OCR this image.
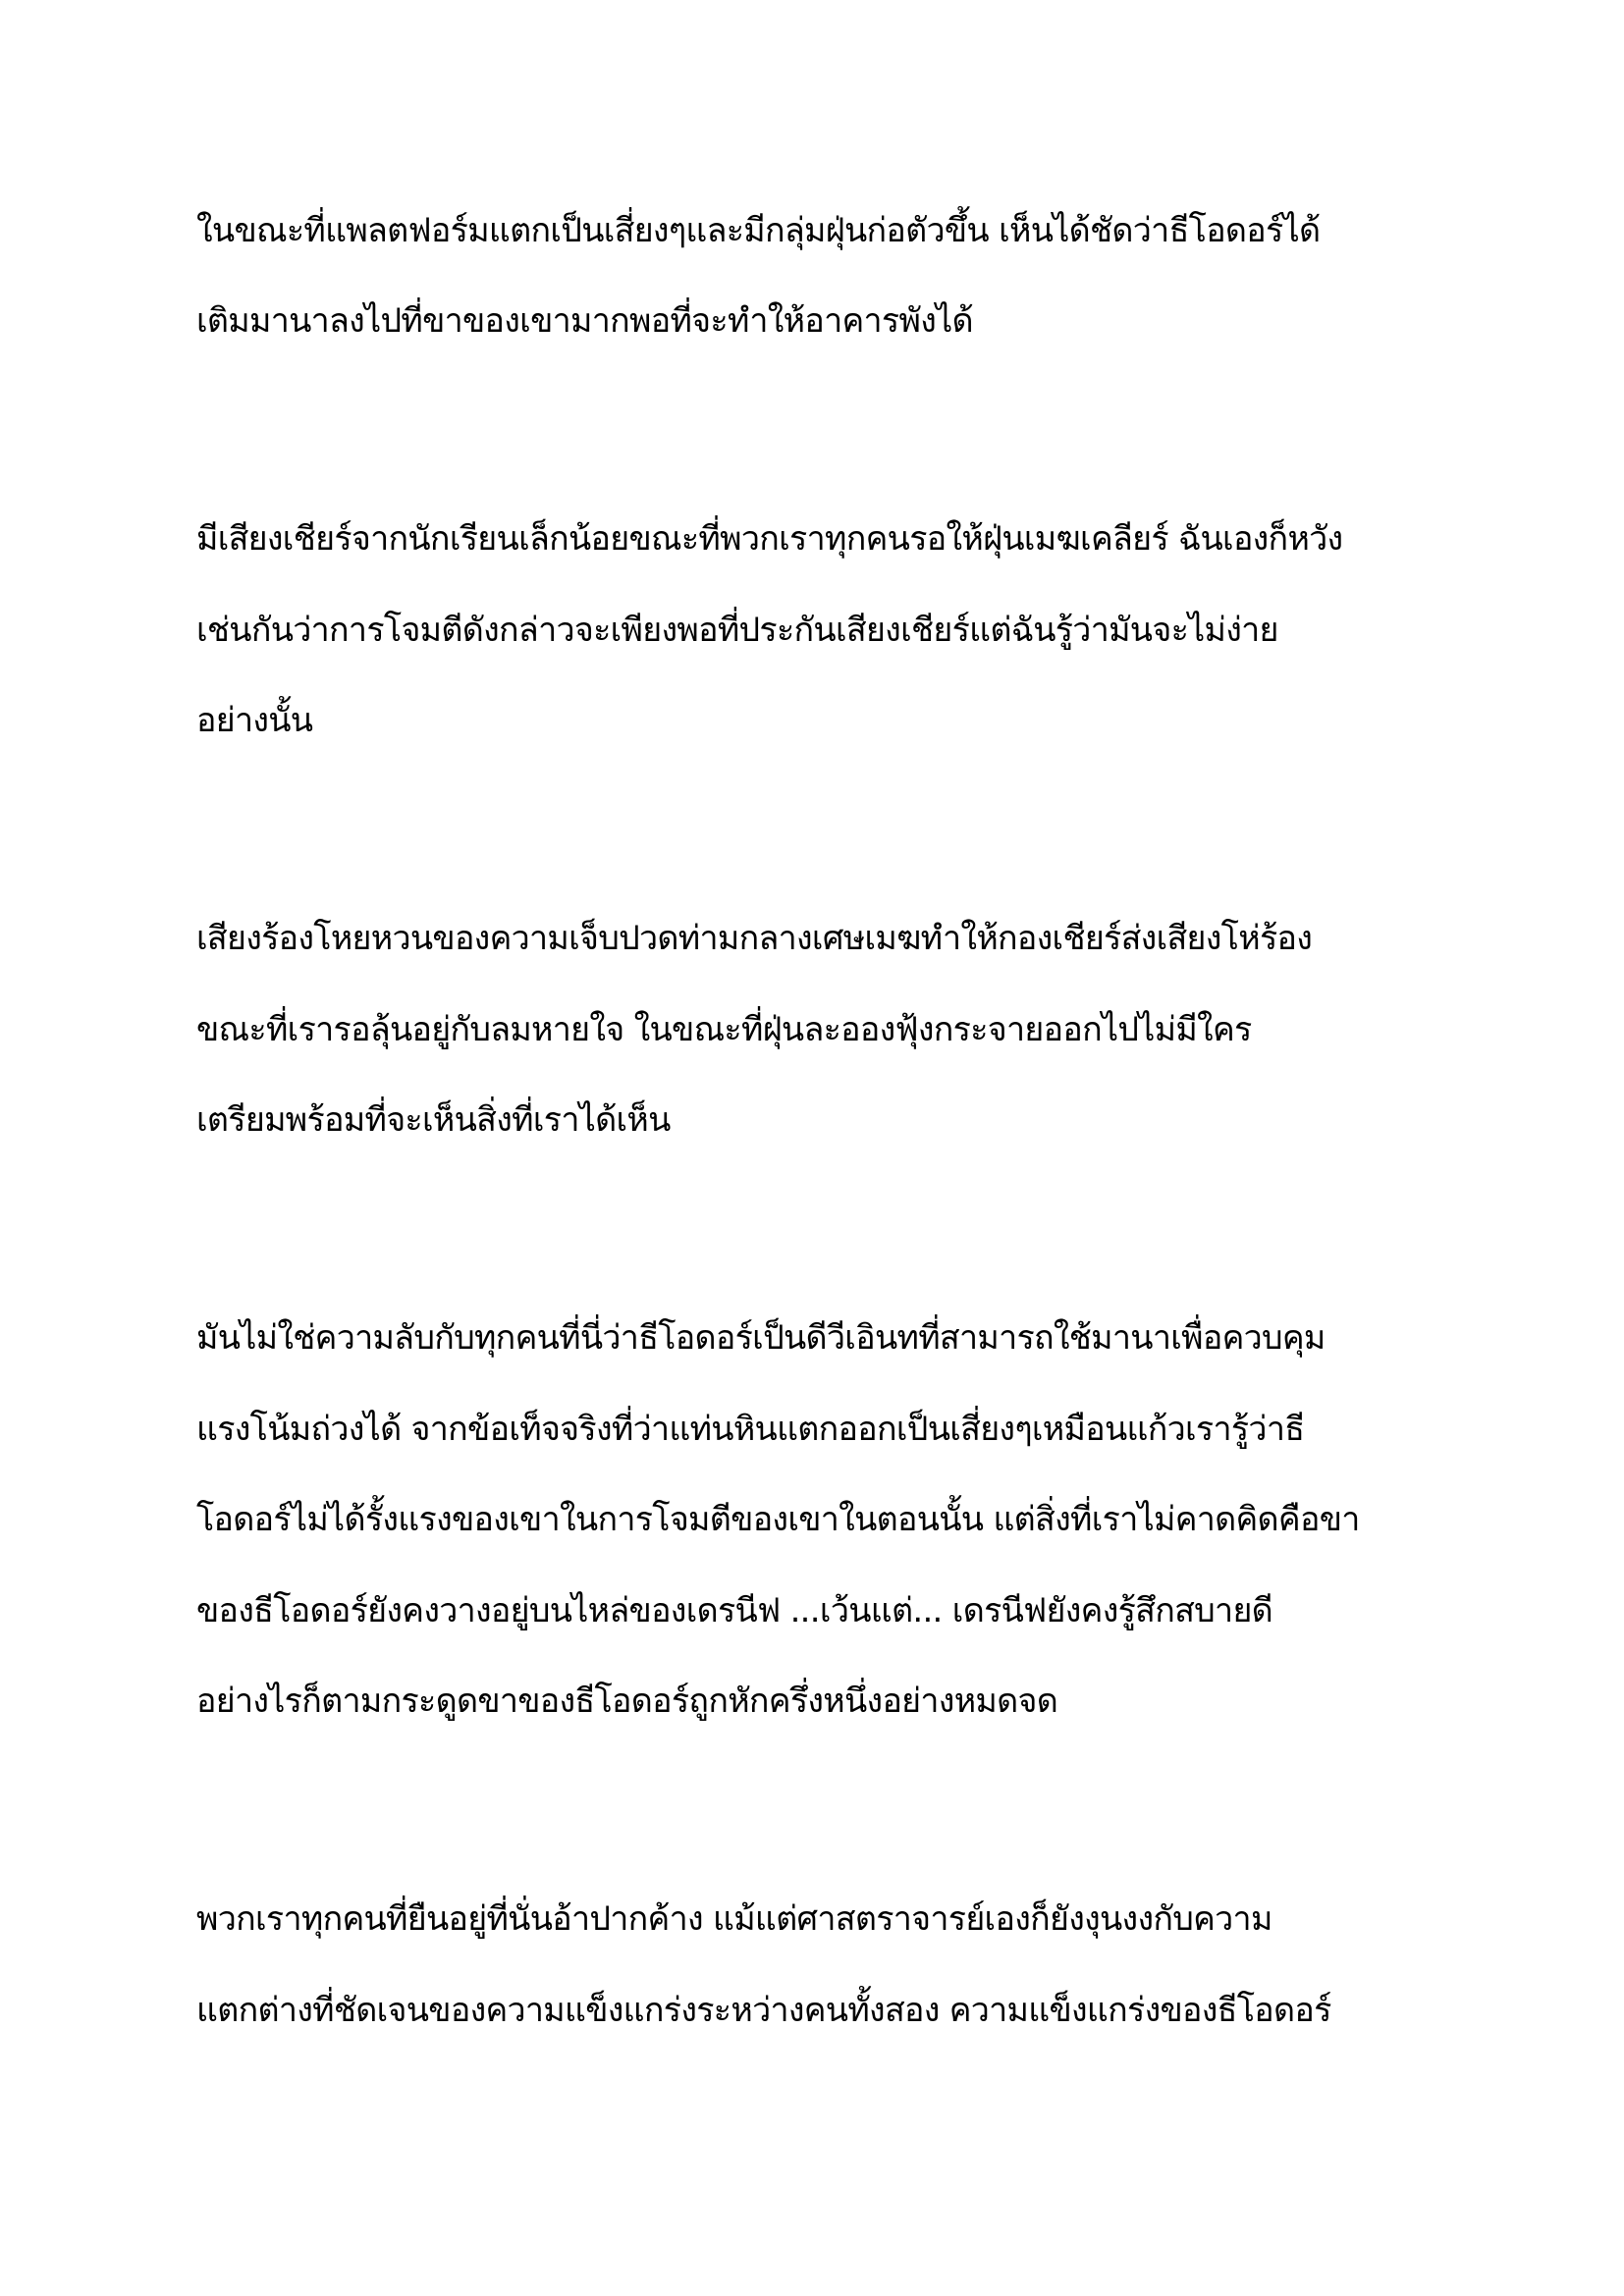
ในขณะที่แพลตฟอร์มแตกเป็นเสี่ยงๆและมีกลุ่มฝุ่นก่อตัวขึ้น เห็นได้ชัดว่าธีโอดอร์ได้
เติมมานาลงไปที่ขาของเขามากพอที่จะทำให้อาคารพังได้
มีเสียงเชียร์จากนักเรียนเล็กน้อยขณะที่พวกเราทุกคนรอให้ฝุ่นเมฆเคลียร์ ฉันเองก็หวัง
เช่นกันว่าการโจมตีดังกล่าวจะเพียงพอที่ประกันเสียงเชียร์แต่ฉันรู้ว่ามันจะไม่ง่าย
อย่างนั้น
เสียงร้องโหยหวนของความเจ็บปวดท่ามกลางเศษเมฆทำให้กองเชียร์ส่งเสียงโห่ร้อง
ขณะที่เรารอลุ้นอยู่กับลมหายใจ ในขณะที่ฝุ่นละอองฟุ้งกระจายออกไปไม่มีใคร
เตรียมพร้อมที่จะเห็นสิ่งที่เราได้เห็น
มันไม่ใช่ความลับกับทุกคนที่นี่ว่าธีโอดอร์เป็นดีวีเอินทที่สามารถใช้มานาเพื่อควบคุม
แรงโน้มถ่วงได้ จากข้อเท็จจริงที่ว่าแท่นหินแตกออกเป็นเสี่ยงๆเหมือนแก้วเรารู้ว่าธี
โอดอร์ไม่ได้รั้งแรงของเขาในการโจมตีของเขาในตอนนั้น แต่สิ่งที่เราไม่คาดคิดคือขา
ของธีโอดอร์ยังคงวางอยู่บนไหล่ของเดรนีฟ ...เว้นแต่... เดรนีฟยังคงรู้สึกสบายดี
อย่างไรก็ตามกระดูดขาของธีโอดอร์ถูกหักครึ่งหนึ่งอย่างหมดจด
พวกเราทุกคนที่ยืนอยู่ที่นั่นอ้าปากค้าง แม้แต่ศาสตราจารย์เองก็ยังงุนงงกับความ
แตกต่างที่ชัดเจนของความแข็งแกร่งระหว่างคนทั้งสอง ความแข็งแกร่งของธีโอดอร์
